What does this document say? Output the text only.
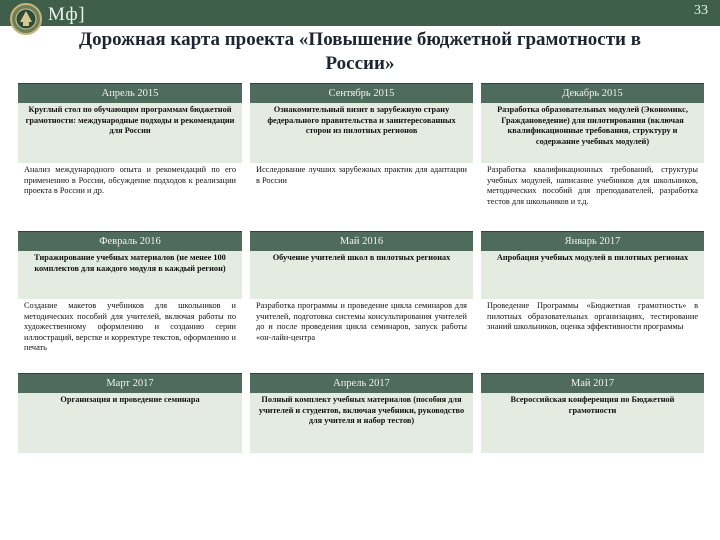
Мф]	33
Дорожная карта проекта «Повышение бюджетной грамотности в России»
Апрель 2015		Сентябрь 2015		Декабрь 2015
Круглый стол по обучающим программам бюджетной грамотности: международные подходы и рекомендации для России		Ознакомительный визит в зарубежную страну федерального правительства и заинтересованных сторон из пилотных регионов		Разработка образовательных модулей (Экономикс, Граждановедение) для пилотирования (включая квалификационные требования, структуру и содержание учебных модулей)
Анализ международного опыта и рекомендаций по его применению в России, обсуждение подходов к реализации проекта в России и др.		Исследование лучших зарубежных практик для адаптации в России		Разработка квалификационных требований, структуры учебных модулей, написание учебников для школьников, методических пособий для преподавателей, разработка тестов для школьников и т.д.
Февраль 2016		Май 2016		Январь 2017
Тиражирование учебных материалов (не менее 100 комплектов для каждого модуля в каждый регион)		Обучение учителей школ в пилотных регионах		Апробация учебных модулей в пилотных регионах
Создание макетов учебников для школьников и методических пособий для учителей, включая работы по художественному оформлению и созданию серии иллюстраций, верстке и корректуре текстов, оформлению и печать		Разработка программы и проведение цикла семинаров для учителей, подготовка системы консультирования учителей до и после проведения цикла семинаров, запуск работы «он-лайн-центра		Проведение Программы «Бюджетная грамотность» в пилотных образовательных организациях, тестирование знаний школьников, оценка эффективности программы
Март 2017		Апрель 2017		Май 2017
Организация и проведение семинара		Полный комплект учебных материалов (пособия для учителей и студентов, включая учебники, руководство для учителя и набор тестов)		Всероссийская конференция по Бюджетной грамотности
